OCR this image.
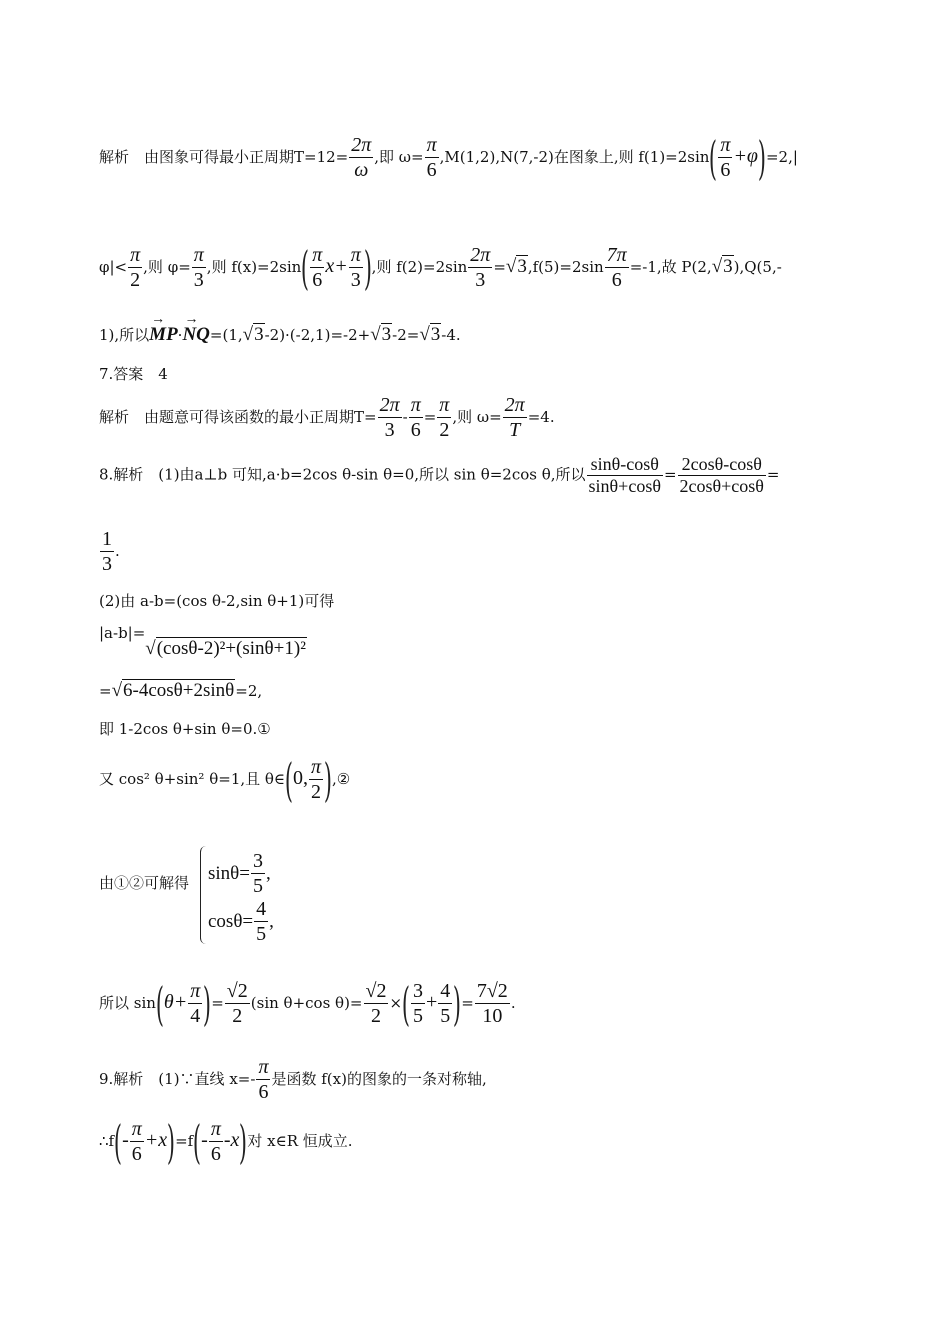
解析　由图象可得最小正周期$T=12= \frac{2\pi}{\omega}$ ,即 $\omega= \frac{\pi}{6} ,M(1,2),N(7,-2)$在图象上,则 $f(1)=2\sin( \frac{\pi}{6} +\varphi)=2,|$
$\varphi|< \frac{\pi}{2}$ ,则 $\varphi= \frac{\pi}{3}$ ,则 $f(x)=2\sin( \frac{\pi}{6} x+ \frac{\pi}{3}$ ),则 $f(2)=2\sin \frac{2\pi}{3} =√3,f(5)=2\sin \frac{7\pi}{6} =-1$,故 P(2,√3),Q(5,-
1),所以→ MP·→ NQ=(1,√3-2)·(-2,1)=-2+√3-2=√3-4.
7.答案　4
解析　由题意可得该函数的最小正周期$T= \frac{2\pi}{3} - \frac{\pi}{6} = \frac{\pi}{2}$ ,则 $\omega= \frac{2\pi}{T} =4$.
8.解析　(1)由a⊥b 可知,a·b=2cos θ-sin θ=0,所以 sin θ=2cos θ,所以 $\frac{\sin\theta-\cos\theta}{\sin\theta+\cos\theta} = \frac{2\cos\theta-\cos\theta}{2\cos\theta+\cos\theta}$ =
$\frac{1}{3}$ .
(2)由 a-b=(cos θ-2,sin θ+1)可得
|a-b|=√(cosθ-2)²+(sinθ+1)²
=√6-4cosθ+2sinθ=2,
即 1-2cos θ+sin θ=0.①
又 cos² θ+sin² θ=1,且 θ∈(0, $\frac{\pi}{2}$ ),②
由①②可解得 $\sin\theta= \frac{3}{5}$ ,
$\cos\theta= \frac{4}{5}$ ,
所以 $\sin(\theta+ \frac{\pi}{4}$ )= $\frac{√2}{2} (\sin$ θ+cos $\theta)= \frac{√2}{2}$ ×( $\frac{3}{5} + \frac{4}{5}$ )= $\frac{7√2}{10}$ .
9.解析　(1)∵直线 $x=- \frac{\pi}{6}$ 是函数 f(x)的图象的一条对称轴,
∴f(- $\frac{\pi}{6} +x)=f(- \frac{\pi}{6} -x)$对 x∈R 恒成立.
